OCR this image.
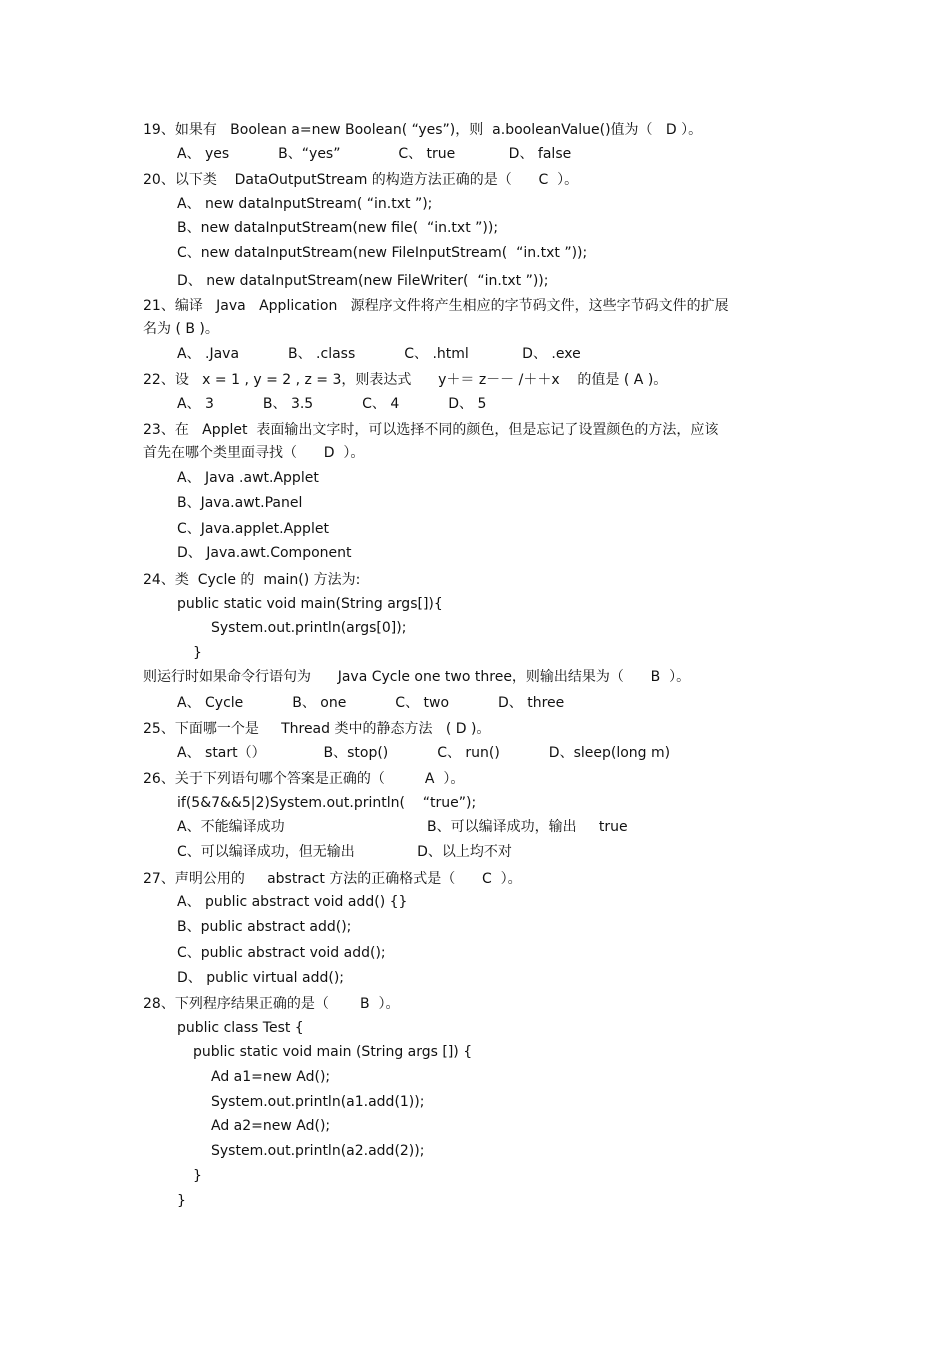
19、如果有   Boolean a=new Boolean( “yes”)，则  a.booleanValue()值为（   D ）。
A、 yes           B、“yes”             C、 true            D、 false
20、以下类    DataOutputStream 的构造方法正确的是（      C  ）。
A、 new dataInputStream( “in.txt ”);
B、new dataInputStream(new file(  “in.txt ”));
C、new dataInputStream(new FileInputStream(  “in.txt ”));
D、 new dataInputStream(new FileWriter(  “in.txt ”));
21、编译   Java   Application   源程序文件将产生相应的字节码文件，这些字节码文件的扩展
名为 ( B )。
A、 .Java           B、 .class           C、 .html            D、 .exe
22、设   x = 1 , y = 2 , z = 3，则表达式      y＋＝ z－－ /＋＋x    的值是 ( A )。
A、 3           B、 3.5           C、 4           D、 5
23、在   Applet  表面输出文字时，可以选择不同的颜色，但是忘记了设置颜色的方法，应该
首先在哪个类里面寻找（      D  ）。
A、 Java .awt.Applet
B、Java.awt.Panel
C、Java.applet.Applet
D、 Java.awt.Component
24、类  Cycle 的  main() 方法为:
public static void main(String args[]){
System.out.println(args[0]);
}
则运行时如果命令行语句为      Java Cycle one two three，则输出结果为（      B  ）。
A、 Cycle           B、 one           C、 two           D、 three
25、下面哪一个是     Thread 类中的静态方法   ( D )。
A、 start（）             B、stop()           C、 run()           D、sleep(long m)
26、关于下列语句哪个答案是正确的（         A  ）。
if(5&7&&5|2)System.out.println(    “true”);
A、不能编译成功                                B、可以编译成功，输出     true
C、可以编译成功，但无输出              D、以上均不对
27、声明公用的     abstract 方法的正确格式是（      C  ）。
A、 public abstract void add() {}
B、public abstract add();
C、public abstract void add();
D、 public virtual add();
28、下列程序结果正确的是（       B  ）。
public class Test {
public static void main (String args []) {
Ad a1=new Ad();
System.out.println(a1.add(1));
Ad a2=new Ad();
System.out.println(a2.add(2));
}
}
